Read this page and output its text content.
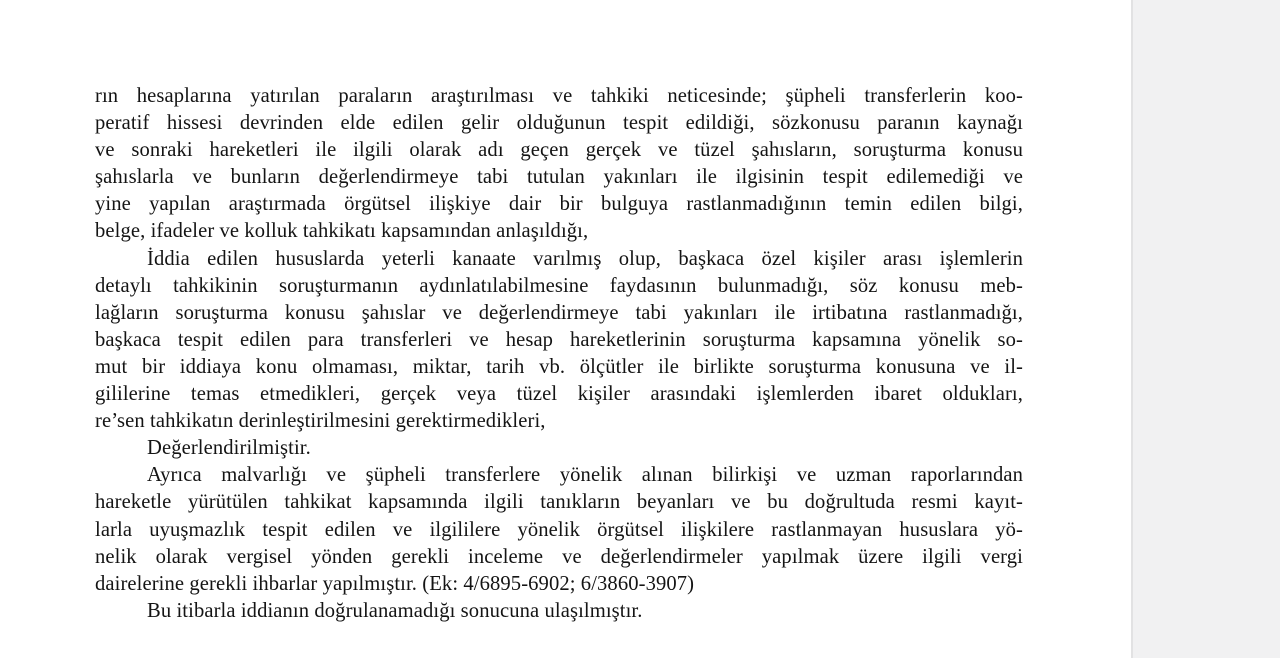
rın hesaplarına yatırılan paraların araştırılması ve tahkiki neticesinde; şüpheli transferlerin koo-
peratif hissesi devrinden elde edilen gelir olduğunun tespit edildiği, sözkonusu paranın kaynağı
ve sonraki hareketleri ile ilgili olarak adı geçen gerçek ve tüzel şahısların, soruşturma konusu
şahıslarla ve bunların değerlendirmeye tabi tutulan yakınları ile ilgisinin tespit edilemediği ve
yine yapılan araştırmada örgütsel ilişkiye dair bir bulguya rastlanmadığının temin edilen bilgi,
belge, ifadeler ve kolluk tahkikatı kapsamından anlaşıldığı,
İddia edilen hususlarda yeterli kanaate varılmış olup, başkaca özel kişiler arası işlemlerin
detaylı tahkikinin soruşturmanın aydınlatılabilmesine faydasının bulunmadığı, söz konusu meb-
lağların soruşturma konusu şahıslar ve değerlendirmeye tabi yakınları ile irtibatına rastlanmadığı,
başkaca tespit edilen para transferleri ve hesap hareketlerinin soruşturma kapsamına yönelik so-
mut bir iddiaya konu olmaması, miktar, tarih vb. ölçütler ile birlikte soruşturma konusuna ve il-
gililerine temas etmedikleri, gerçek veya tüzel kişiler arasındaki işlemlerden ibaret oldukları,
re’sen tahkikatın derinleştirilmesini gerektirmedikleri,
Değerlendirilmiştir.
Ayrıca malvarlığı ve şüpheli transferlere yönelik alınan bilirkişi ve uzman raporlarından
hareketle yürütülen tahkikat kapsamında ilgili tanıkların beyanları ve bu doğrultuda resmi kayıt-
larla uyuşmazlık tespit edilen ve ilgililere yönelik örgütsel ilişkilere rastlanmayan hususlara yö-
nelik olarak vergisel yönden gerekli inceleme ve değerlendirmeler yapılmak üzere ilgili vergi
dairelerine gerekli ihbarlar yapılmıştır. (Ek: 4/6895-6902; 6/3860-3907)
Bu itibarla iddianın doğrulanamadığı sonucuna ulaşılmıştır.
